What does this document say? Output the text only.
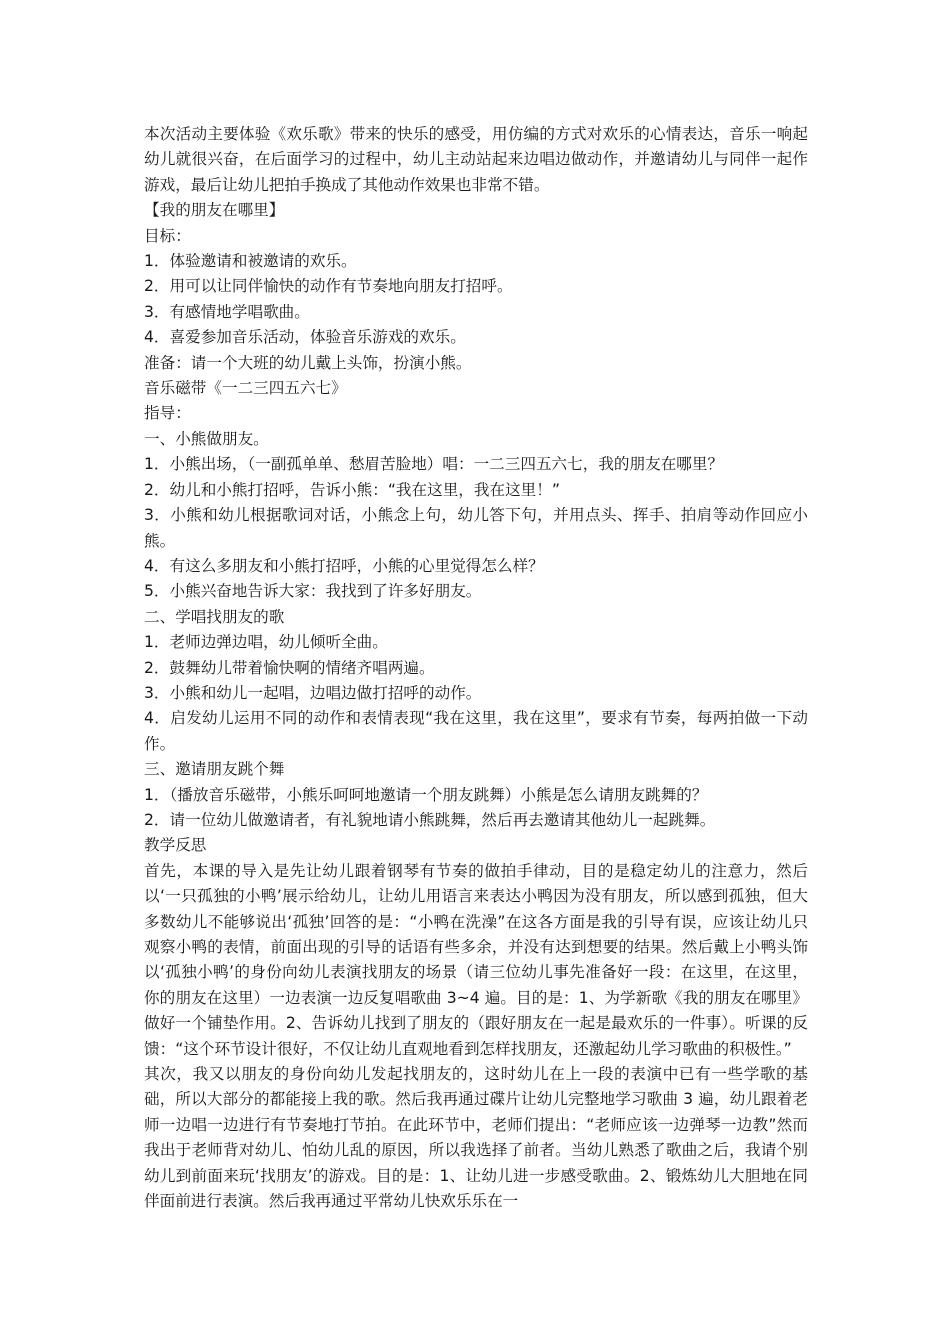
本次活动主要体验《欢乐歌》带来的快乐的感受，用仿编的方式对欢乐的心情表达，音乐一响起幼儿就很兴奋，在后面学习的过程中，幼儿主动站起来边唱边做动作，并邀请幼儿与同伴一起作游戏，最后让幼儿把拍手换成了其他动作效果也非常不错。

【我的朋友在哪里】

目标：

1．体验邀请和被邀请的欢乐。

2．用可以让同伴愉快的动作有节奏地向朋友打招呼。

3．有感情地学唱歌曲。

4．喜爱参加音乐活动，体验音乐游戏的欢乐。

准备：请一个大班的幼儿戴上头饰，扮演小熊。

音乐磁带《一二三四五六七》

指导：

一、小熊做朋友。

1．小熊出场，（一副孤单单、愁眉苦脸地）唱：一二三四五六七，我的朋友在哪里？

2．幼儿和小熊打招呼，告诉小熊：“我在这里，我在这里！”

3．小熊和幼儿根据歌词对话，小熊念上句，幼儿答下句，并用点头、挥手、拍肩等动作回应小熊。

4．有这么多朋友和小熊打招呼，小熊的心里觉得怎么样？

5．小熊兴奋地告诉大家：我找到了许多好朋友。

二、学唱找朋友的歌

1．老师边弹边唱，幼儿倾听全曲。

2．鼓舞幼儿带着愉快啊的情绪齐唱两遍。

3．小熊和幼儿一起唱，边唱边做打招呼的动作。

4．启发幼儿运用不同的动作和表情表现“我在这里，我在这里”，要求有节奏，每两拍做一下动作。

三、邀请朋友跳个舞

1．（播放音乐磁带，小熊乐呵呵地邀请一个朋友跳舞）小熊是怎么请朋友跳舞的？

2．请一位幼儿做邀请者，有礼貌地请小熊跳舞，然后再去邀请其他幼儿一起跳舞。

教学反思

首先，本课的导入是先让幼儿跟着钢琴有节奏的做拍手律动，目的是稳定幼儿的注意力，然后以‘一只孤独的小鸭’展示给幼儿，让幼儿用语言来表达小鸭因为没有朋友，所以感到孤独，但大多数幼儿不能够说出‘孤独’回答的是：“小鸭在洗澡”在这各方面是我的引导有误，应该让幼儿只观察小鸭的表情，前面出现的引导的话语有些多余，并没有达到想要的结果。然后戴上小鸭头饰以‘孤独小鸭’的身份向幼儿表演找朋友的场景（请三位幼儿事先准备好一段：在这里，在这里，你的朋友在这里）一边表演一边反复唱歌曲 3~4 遍。目的是：1、为学新歌《我的朋友在哪里》做好一个铺垫作用。2、告诉幼儿找到了朋友的（跟好朋友在一起是最欢乐的一件事）。听课的反馈：“这个环节设计很好，不仅让幼儿直观地看到怎样找朋友，还激起幼儿学习歌曲的积极性。”

其次，我又以朋友的身份向幼儿发起找朋友的，这时幼儿在上一段的表演中已有一些学歌的基础，所以大部分的都能接上我的歌。然后我再通过碟片让幼儿完整地学习歌曲 3 遍，幼儿跟着老师一边唱一边进行有节奏地打节拍。在此环节中，老师们提出：“老师应该一边弹琴一边教”然而我出于老师背对幼儿、怕幼儿乱的原因，所以我选择了前者。当幼儿熟悉了歌曲之后，我请个别幼儿到前面来玩‘找朋友’的游戏。目的是：1、让幼儿进一步感受歌曲。2、锻炼幼儿大胆地在同伴面前进行表演。然后我再通过平常幼儿快欢乐乐在一
